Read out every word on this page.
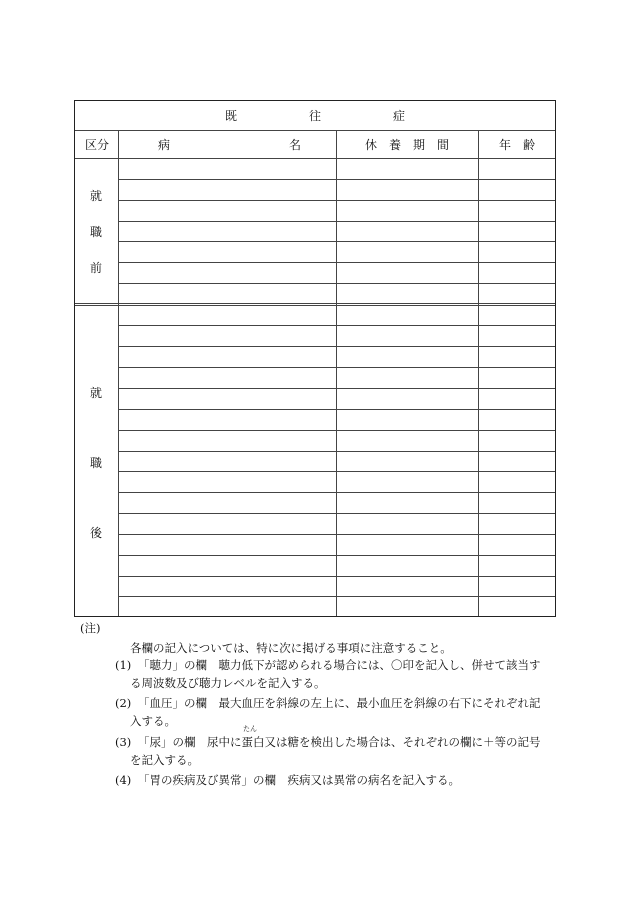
既　　　　　　往　　　　　　症
区分	病	名	休　養　期　間	年　齢
就
職
前
就
職
後
(注)
各欄の記入については、特に次に掲げる事項に注意すること。
(1) 「聴力」の欄　聴力低下が認められる場合には、〇印を記入し、併せて該当す
る周波数及び聴力レベルを記入する。
(2) 「血圧」の欄　最大血圧を斜線の左上に、最小血圧を斜線の右下にそれぞれ記
入する。
たん
(3) 「尿」の欄　尿中に蛋白又は糖を検出した場合は、それぞれの欄に＋等の記号
を記入する。
(4) 「胃の疾病及び異常」の欄　疾病又は異常の病名を記入する。
